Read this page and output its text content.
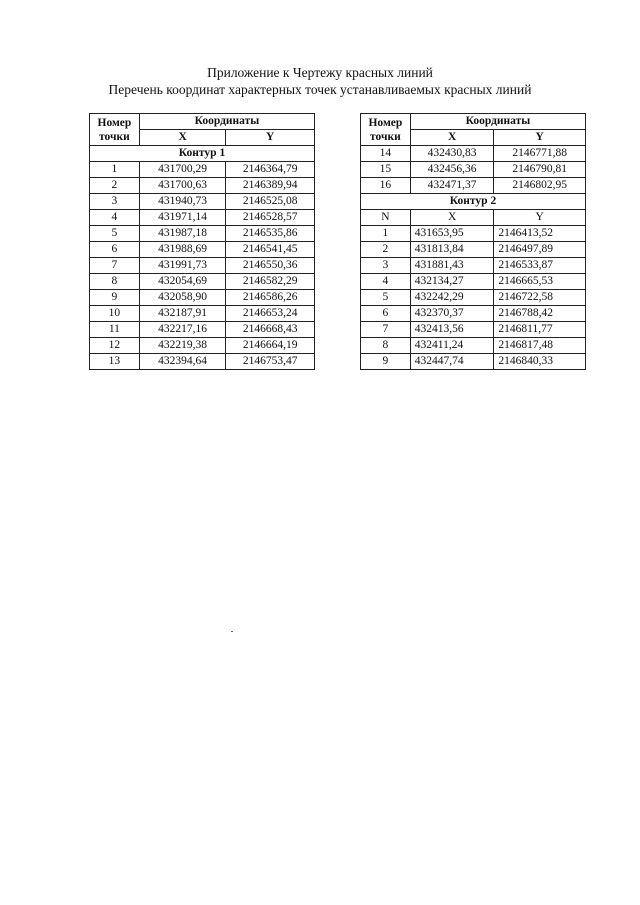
Приложение к Чертежу красных линий
Перечень координат характерных точек устанавливаемых красных линий
Номер
точки	Координаты	
	X	Y
Контур 1		
1	431700,29	2146364,79
2	431700,63	2146389,94
3	431940,73	2146525,08
4	431971,14	2146528,57
5	431987,18	2146535,86
6	431988,69	2146541,45
7	431991,73	2146550,36
8	432054,69	2146582,29
9	432058,90	2146586,26
10	432187,91	2146653,24
11	432217,16	2146668,43
12	432219,38	2146664,19
13	432394,64	2146753,47
Номер
точки	Координаты	
	X	Y
14	432430,83	2146771,88
15	432456,36	2146790,81
16	432471,37	2146802,95
Контур 2		
N	X	Y
1	431653,95	2146413,52
2	431813,84	2146497,89
3	431881,43	2146533,87
4	432134,27	2146665,53
5	432242,29	2146722,58
6	432370,37	2146788,42
7	432413,56	2146811,77
8	432411,24	2146817,48
9	432447,74	2146840,33
